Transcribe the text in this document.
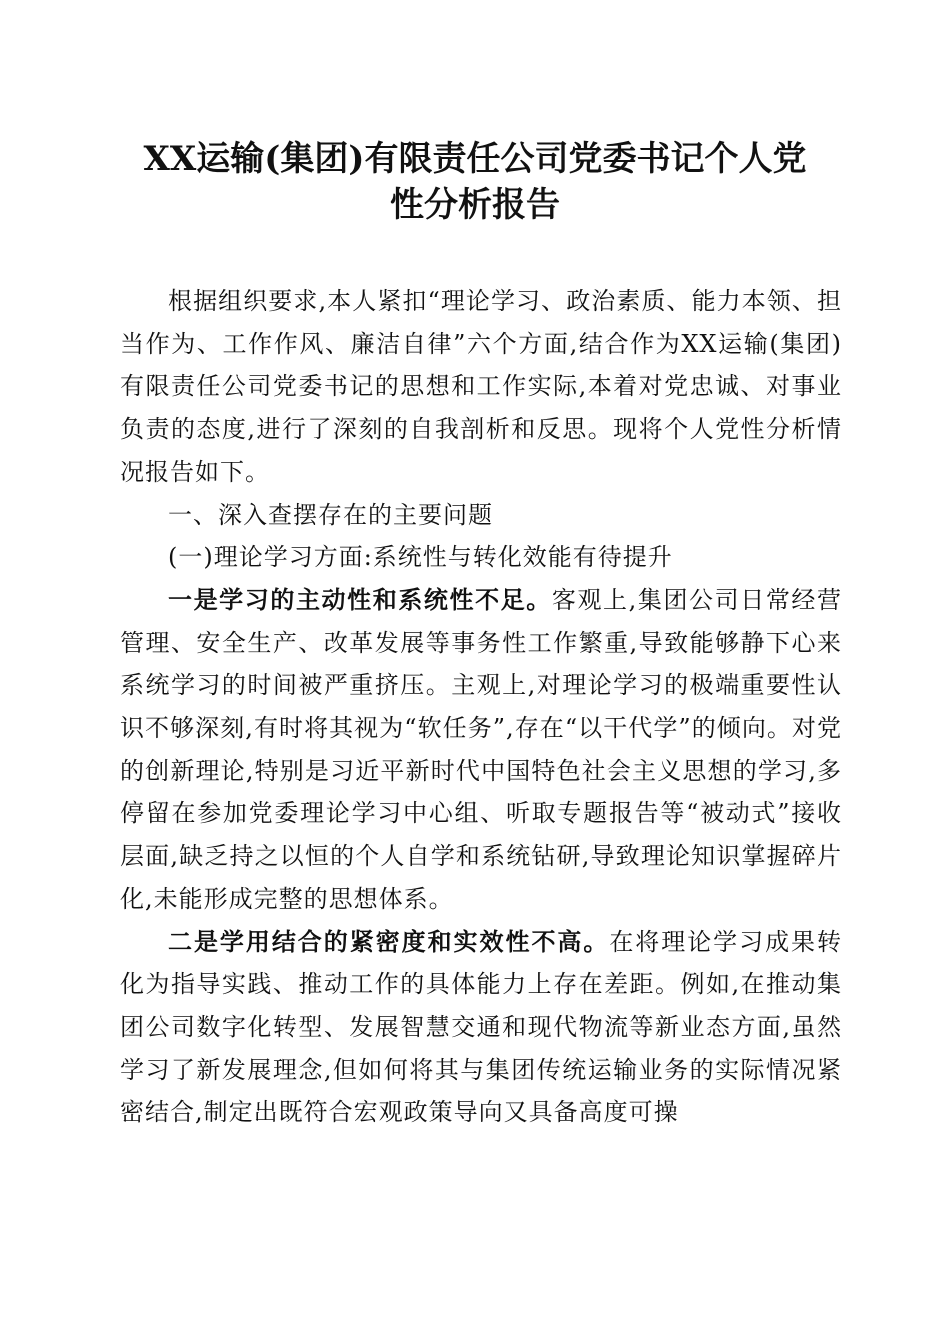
XX运输(集团)有限责任公司党委书记个人党
性分析报告

根据组织要求,本人紧扣“理论学习、政治素质、能力本领、担当作为、工作作风、廉洁自律”六个方面,结合作为XX运输(集团)有限责任公司党委书记的思想和工作实际,本着对党忠诚、对事业负责的态度,进行了深刻的自我剖析和反思。现将个人党性分析情况报告如下。

一、深入查摆存在的主要问题
(一)理论学习方面:系统性与转化效能有待提升

一是学习的主动性和系统性不足。客观上,集团公司日常经营管理、安全生产、改革发展等事务性工作繁重,导致能够静下心来系统学习的时间被严重挤压。主观上,对理论学习的极端重要性认识不够深刻,有时将其视为“软任务”,存在“以干代学”的倾向。对党的创新理论,特别是习近平新时代中国特色社会主义思想的学习,多停留在参加党委理论学习中心组、听取专题报告等“被动式”接收层面,缺乏持之以恒的个人自学和系统钻研,导致理论知识掌握碎片化,未能形成完整的思想体系。

二是学用结合的紧密度和实效性不高。在将理论学习成果转化为指导实践、推动工作的具体能力上存在差距。例如,在推动集团公司数字化转型、发展智慧交通和现代物流等新业态方面,虽然学习了新发展理念,但如何将其与集团传统运输业务的实际情况紧密结合,制定出既符合宏观政策导向又具备高度可操
